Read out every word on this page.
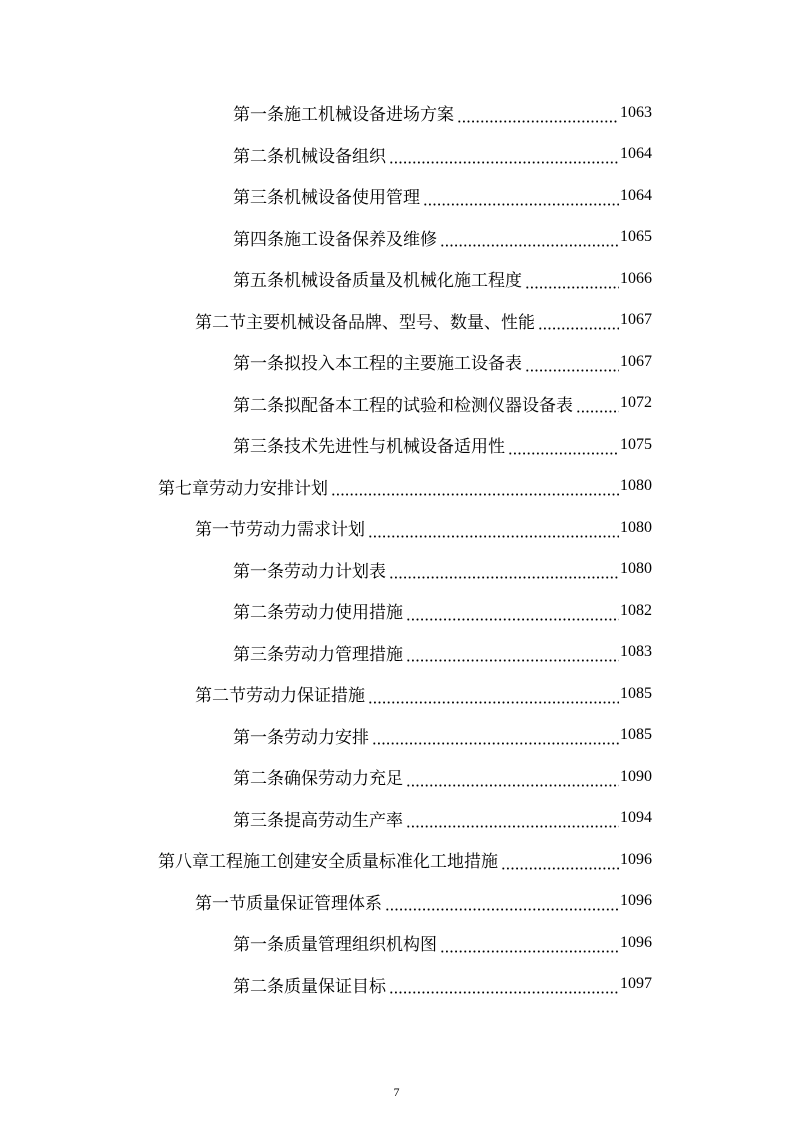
第一条施工机械设备进场方案	1063
第二条机械设备组织	1064
第三条机械设备使用管理	1064
第四条施工设备保养及维修	1065
第五条机械设备质量及机械化施工程度	1066
第二节主要机械设备品牌、型号、数量、性能	1067
第一条拟投入本工程的主要施工设备表	1067
第二条拟配备本工程的试验和检测仪器设备表	1072
第三条技术先进性与机械设备适用性	1075
第七章劳动力安排计划	1080
第一节劳动力需求计划	1080
第一条劳动力计划表	1080
第二条劳动力使用措施	1082
第三条劳动力管理措施	1083
第二节劳动力保证措施	1085
第一条劳动力安排	1085
第二条确保劳动力充足	1090
第三条提高劳动生产率	1094
第八章工程施工创建安全质量标准化工地措施	1096
第一节质量保证管理体系	1096
第一条质量管理组织机构图	1096
第二条质量保证目标	1097
7
